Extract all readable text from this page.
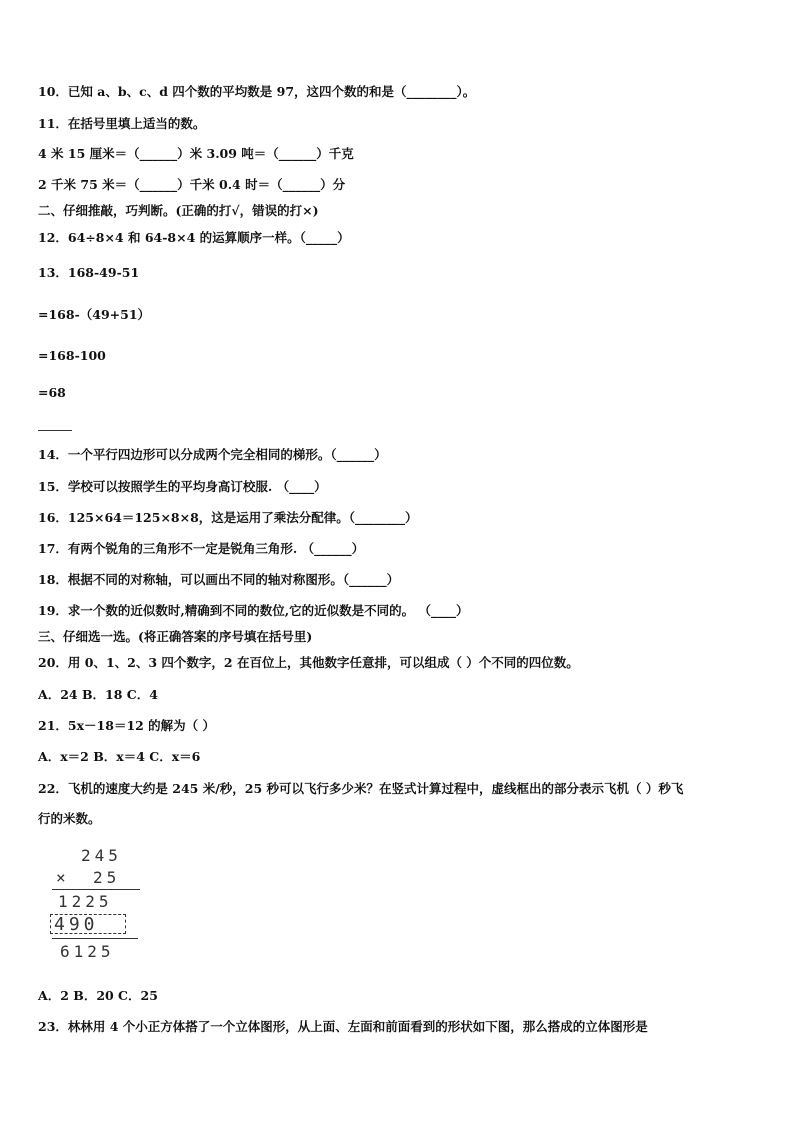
10．已知 a、b、c、d 四个数的平均数是 97，这四个数的和是（________）。
11．在括号里填上适当的数。
4 米 15 厘米＝（______）米 3.09 吨＝（______）千克
2 千米 75 米＝（______）千米 0.4 时＝（______）分
二、仔细推敲，巧判断。(正确的打√，错误的打×)
12．64÷8×4 和 64-8×4 的运算顺序一样。（_____）
13．168-49-51
=168-（49+51）
=168-100
=68
14．一个平行四边形可以分成两个完全相同的梯形。（______）
15．学校可以按照学生的平均身高订校服. （____）
16．125×64＝125×8×8，这是运用了乘法分配律。（________）
17．有两个锐角的三角形不一定是锐角三角形. （______）
18．根据不同的对称轴，可以画出不同的轴对称图形。（______）
19．求一个数的近似数时,精确到不同的数位,它的近似数是不同的。 （____）
三、仔细选一选。(将正确答案的序号填在括号里)
20．用 0、1、2、3 四个数字，2 在百位上，其他数字任意排，可以组成（ ）个不同的四位数。
A．24 B．18 C．4
21．5x－18＝12 的解为（ ）
A．x＝2 B．x＝4 C．x＝6
22．飞机的速度大约是 245 米/秒，25 秒可以飞行多少米？在竖式计算过程中，虚线框出的部分表示飞机（ ）秒飞
行的米数。
245
× 25
1225
490
6125
A．2 B．20 C．25
23．林林用 4 个小正方体搭了一个立体图形，从上面、左面和前面看到的形状如下图，那么搭成的立体图形是
